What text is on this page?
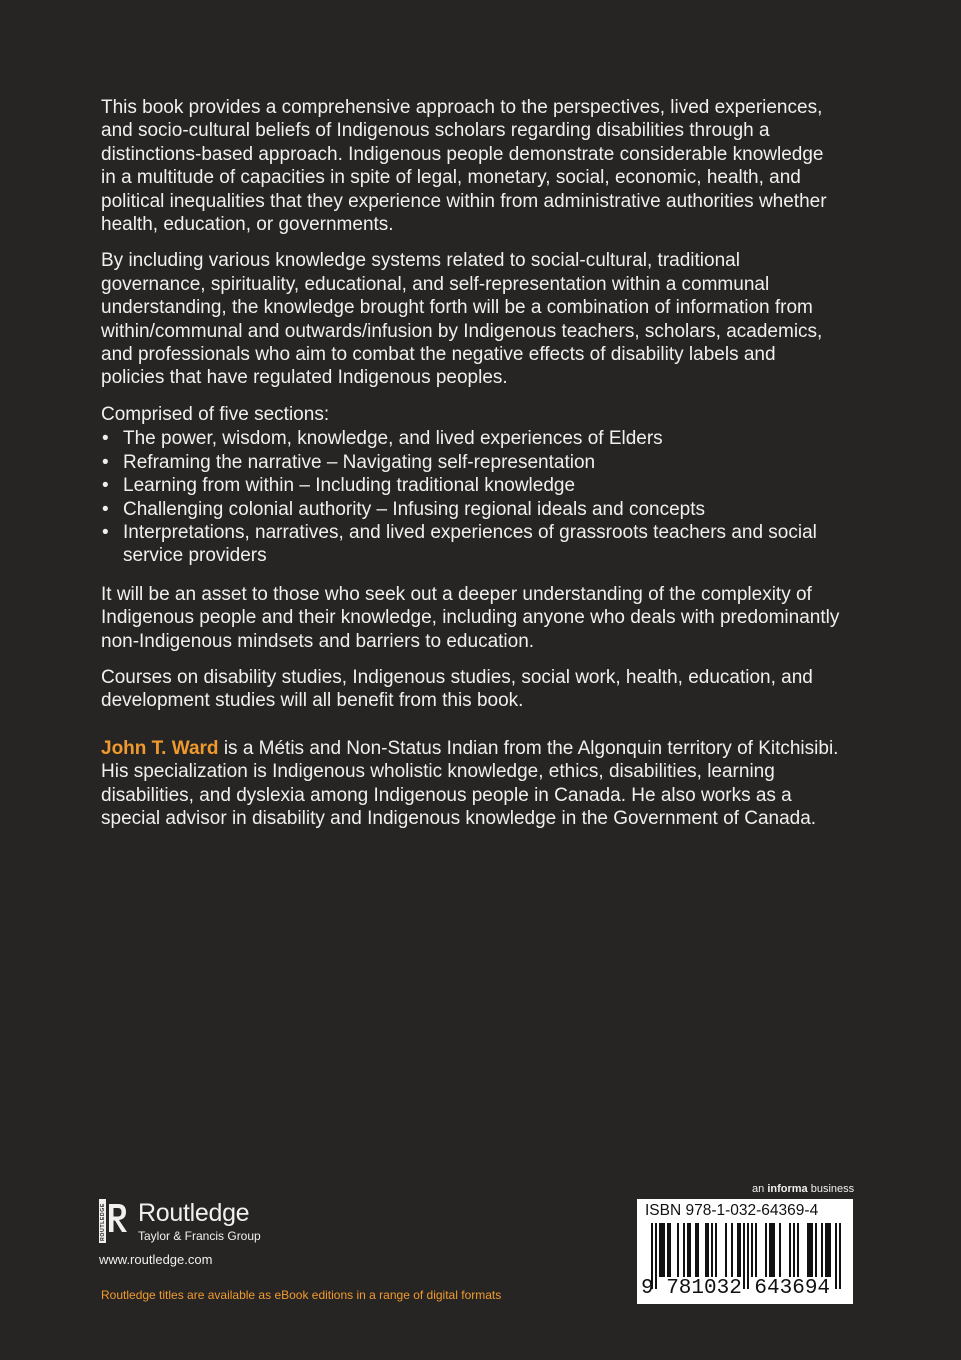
This book provides a comprehensive approach to the perspectives, lived experiences, and socio-cultural beliefs of Indigenous scholars regarding disabilities through a distinctions-based approach. Indigenous people demonstrate considerable knowledge in a multitude of capacities in spite of legal, monetary, social, economic, health, and political inequalities that they experience within from administrative authorities whether health, education, or governments.

By including various knowledge systems related to social-cultural, traditional governance, spirituality, educational, and self-representation within a communal understanding, the knowledge brought forth will be a combination of information from within/communal and outwards/infusion by Indigenous teachers, scholars, academics, and professionals who aim to combat the negative effects of disability labels and policies that have regulated Indigenous peoples.

Comprised of five sections:

• The power, wisdom, knowledge, and lived experiences of Elders
• Reframing the narrative – Navigating self-representation
• Learning from within – Including traditional knowledge
• Challenging colonial authority – Infusing regional ideals and concepts
• Interpretations, narratives, and lived experiences of grassroots teachers and social service providers

It will be an asset to those who seek out a deeper understanding of the complexity of Indigenous people and their knowledge, including anyone who deals with predominantly non-Indigenous mindsets and barriers to education.

Courses on disability studies, Indigenous studies, social work, health, education, and development studies will all benefit from this book.

John T. Ward is a Métis and Non-Status Indian from the Algonquin territory of Kitchisibi. His specialization is Indigenous wholistic knowledge, ethics, disabilities, learning disabilities, and dyslexia among Indigenous people in Canada. He also works as a special advisor in disability and Indigenous knowledge in the Government of Canada.

ROUTLEDGE Routledge
Taylor & Francis Group
www.routledge.com
Routledge titles are available as eBook editions in a range of digital formats
an informa business
ISBN 978-1-032-64369-4
9 781032 643694
